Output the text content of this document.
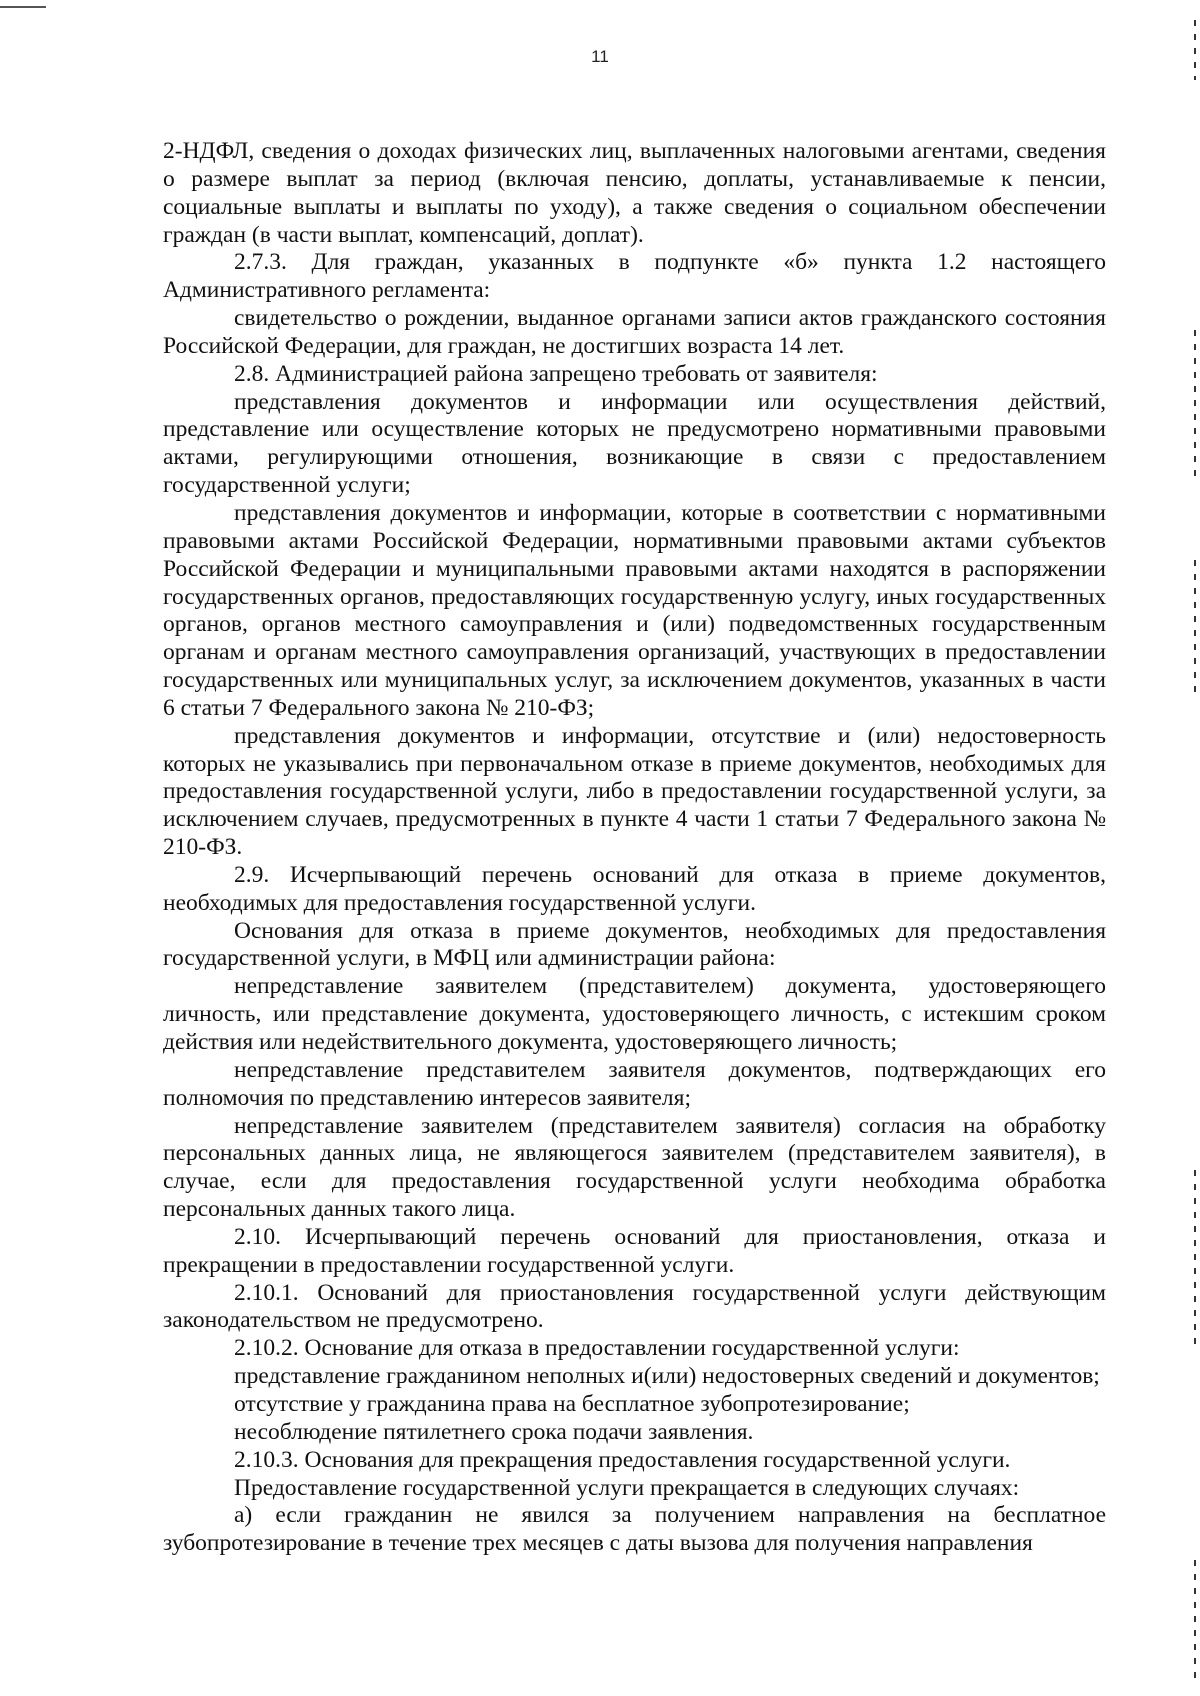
11

2-НДФЛ, сведения о доходах физических лиц, выплаченных налоговыми агентами, сведения о размере выплат за период (включая пенсию, доплаты, устанавливаемые к пенсии, социальные выплаты и выплаты по уходу), а также сведения о социальном обеспечении граждан (в части выплат, компенсаций, доплат).

2.7.3. Для граждан, указанных в подпункте «б» пункта 1.2 настоящего Административного регламента:

свидетельство о рождении, выданное органами записи актов гражданского состояния Российской Федерации, для граждан, не достигших возраста 14 лет.

2.8. Администрацией района запрещено требовать от заявителя:

представления документов и информации или осуществления действий, представление или осуществление которых не предусмотрено нормативными правовыми актами, регулирующими отношения, возникающие в связи с предоставлением государственной услуги;

представления документов и информации, которые в соответствии с нормативными правовыми актами Российской Федерации, нормативными правовыми актами субъектов Российской Федерации и муниципальными правовыми актами находятся в распоряжении государственных органов, предоставляющих государственную услугу, иных государственных органов, органов местного самоуправления и (или) подведомственных государственным органам и органам местного самоуправления организаций, участвующих в предоставлении государственных или муниципальных услуг, за исключением документов, указанных в части 6 статьи 7 Федерального закона № 210-ФЗ;

представления документов и информации, отсутствие и (или) недостоверность которых не указывались при первоначальном отказе в приеме документов, необходимых для предоставления государственной услуги, либо в предоставлении государственной услуги, за исключением случаев, предусмотренных в пункте 4 части 1 статьи 7 Федерального закона № 210-ФЗ.

2.9. Исчерпывающий перечень оснований для отказа в приеме документов, необходимых для предоставления государственной услуги.

Основания для отказа в приеме документов, необходимых для предоставления государственной услуги, в МФЦ или администрации района:

непредставление заявителем (представителем) документа, удостоверяющего личность, или представление документа, удостоверяющего личность, с истекшим сроком действия или недействительного документа, удостоверяющего личность;

непредставление представителем заявителя документов, подтверждающих его полномочия по представлению интересов заявителя;

непредставление заявителем (представителем заявителя) согласия на обработку персональных данных лица, не являющегося заявителем (представителем заявителя), в случае, если для предоставления государственной услуги необходима обработка персональных данных такого лица.

2.10. Исчерпывающий перечень оснований для приостановления, отказа и прекращении в предоставлении государственной услуги.

2.10.1. Оснований для приостановления государственной услуги действующим законодательством не предусмотрено.

2.10.2. Основание для отказа в предоставлении государственной услуги:

представление гражданином неполных и(или) недостоверных сведений и документов;

отсутствие у гражданина права на бесплатное зубопротезирование;

несоблюдение пятилетнего срока подачи заявления.

2.10.3. Основания для прекращения предоставления государственной услуги.

Предоставление государственной услуги прекращается в следующих случаях:

а) если гражданин не явился за получением направления на бесплатное зубопротезирование в течение трех месяцев с даты вызова для получения направления
